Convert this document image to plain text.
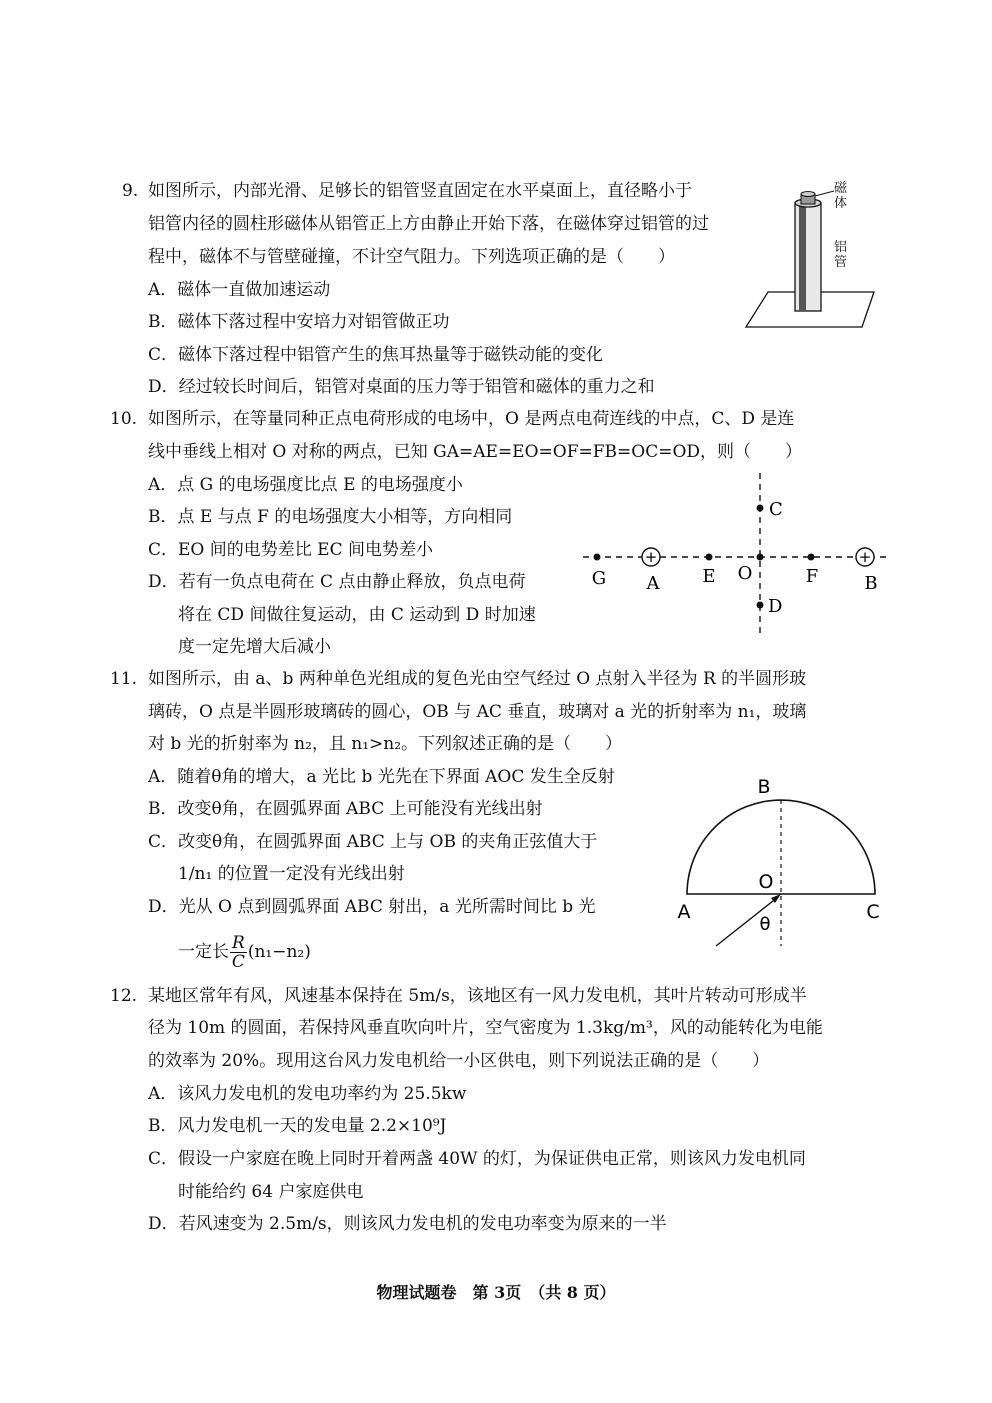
9. 如图所示，内部光滑、足够长的铝管竖直固定在水平桌面上，直径略小于
铝管内径的圆柱形磁体从铝管正上方由静止开始下落，在磁体穿过铝管的过
程中，磁体不与管壁碰撞，不计空气阻力。下列选项正确的是（　　）
A．磁体一直做加速运动
B．磁体下落过程中安培力对铝管做正功
C．磁体下落过程中铝管产生的焦耳热量等于磁铁动能的变化
D．经过较长时间后，铝管对桌面的压力等于铝管和磁体的重力之和
磁体
铝管
10. 如图所示，在等量同种正点电荷形成的电场中，O 是两点电荷连线的中点，C、D 是连
线中垂线上相对 O 对称的两点，已知 GA=AE=EO=OF=FB=OC=OD，则（　　）
A．点 G 的电场强度比点 E 的电场强度小
B．点 E 与点 F 的电场强度大小相等，方向相同
C．EO 间的电势差比 EC 间电势差小
D．若有一负点电荷在 C 点由静止释放，负点电荷
将在 CD 间做往复运动，由 C 运动到 D 时加速
度一定先增大后减小
+	+
G A E O	F	B
C
D
11. 如图所示，由 a、b 两种单色光组成的复色光由空气经过 O 点射入半径为 R 的半圆形玻
璃砖，O 点是半圆形玻璃砖的圆心，OB 与 AC 垂直，玻璃对 a 光的折射率为 n₁，玻璃
对 b 光的折射率为 n₂，且 n₁>n₂。下列叙述正确的是（　　）
A．随着θ角的增大，a 光比 b 光先在下界面 AOC 发生全反射
B．改变θ角，在圆弧界面 ABC 上可能没有光线出射
C．改变θ角，在圆弧界面 ABC 上与 OB 的夹角正弦值大于
1/n₁ 的位置一定没有光线出射
D．光从 O 点到圆弧界面 ABC 射出，a 光所需时间比 b 光
一定长 $\frac{R}{C} (n_1-n_2)$
B
O
A	C
θ
12. 某地区常年有风，风速基本保持在 5m/s，该地区有一风力发电机，其叶片转动可形成半
径为 10m 的圆面，若保持风垂直吹向叶片，空气密度为 1.3kg/m³，风的动能转化为电能
的效率为 20%。现用这台风力发电机给一小区供电，则下列说法正确的是（　　）
A．该风力发电机的发电功率约为 25.5kw
B．风力发电机一天的发电量 2.2×10⁹J
C．假设一户家庭在晚上同时开着两盏 40W 的灯，为保证供电正常，则该风力发电机同
时能给约 64 户家庭供电
D．若风速变为 2.5m/s，则该风力发电机的发电功率变为原来的一半
物理试题卷　第 3页　（共 8 页）
